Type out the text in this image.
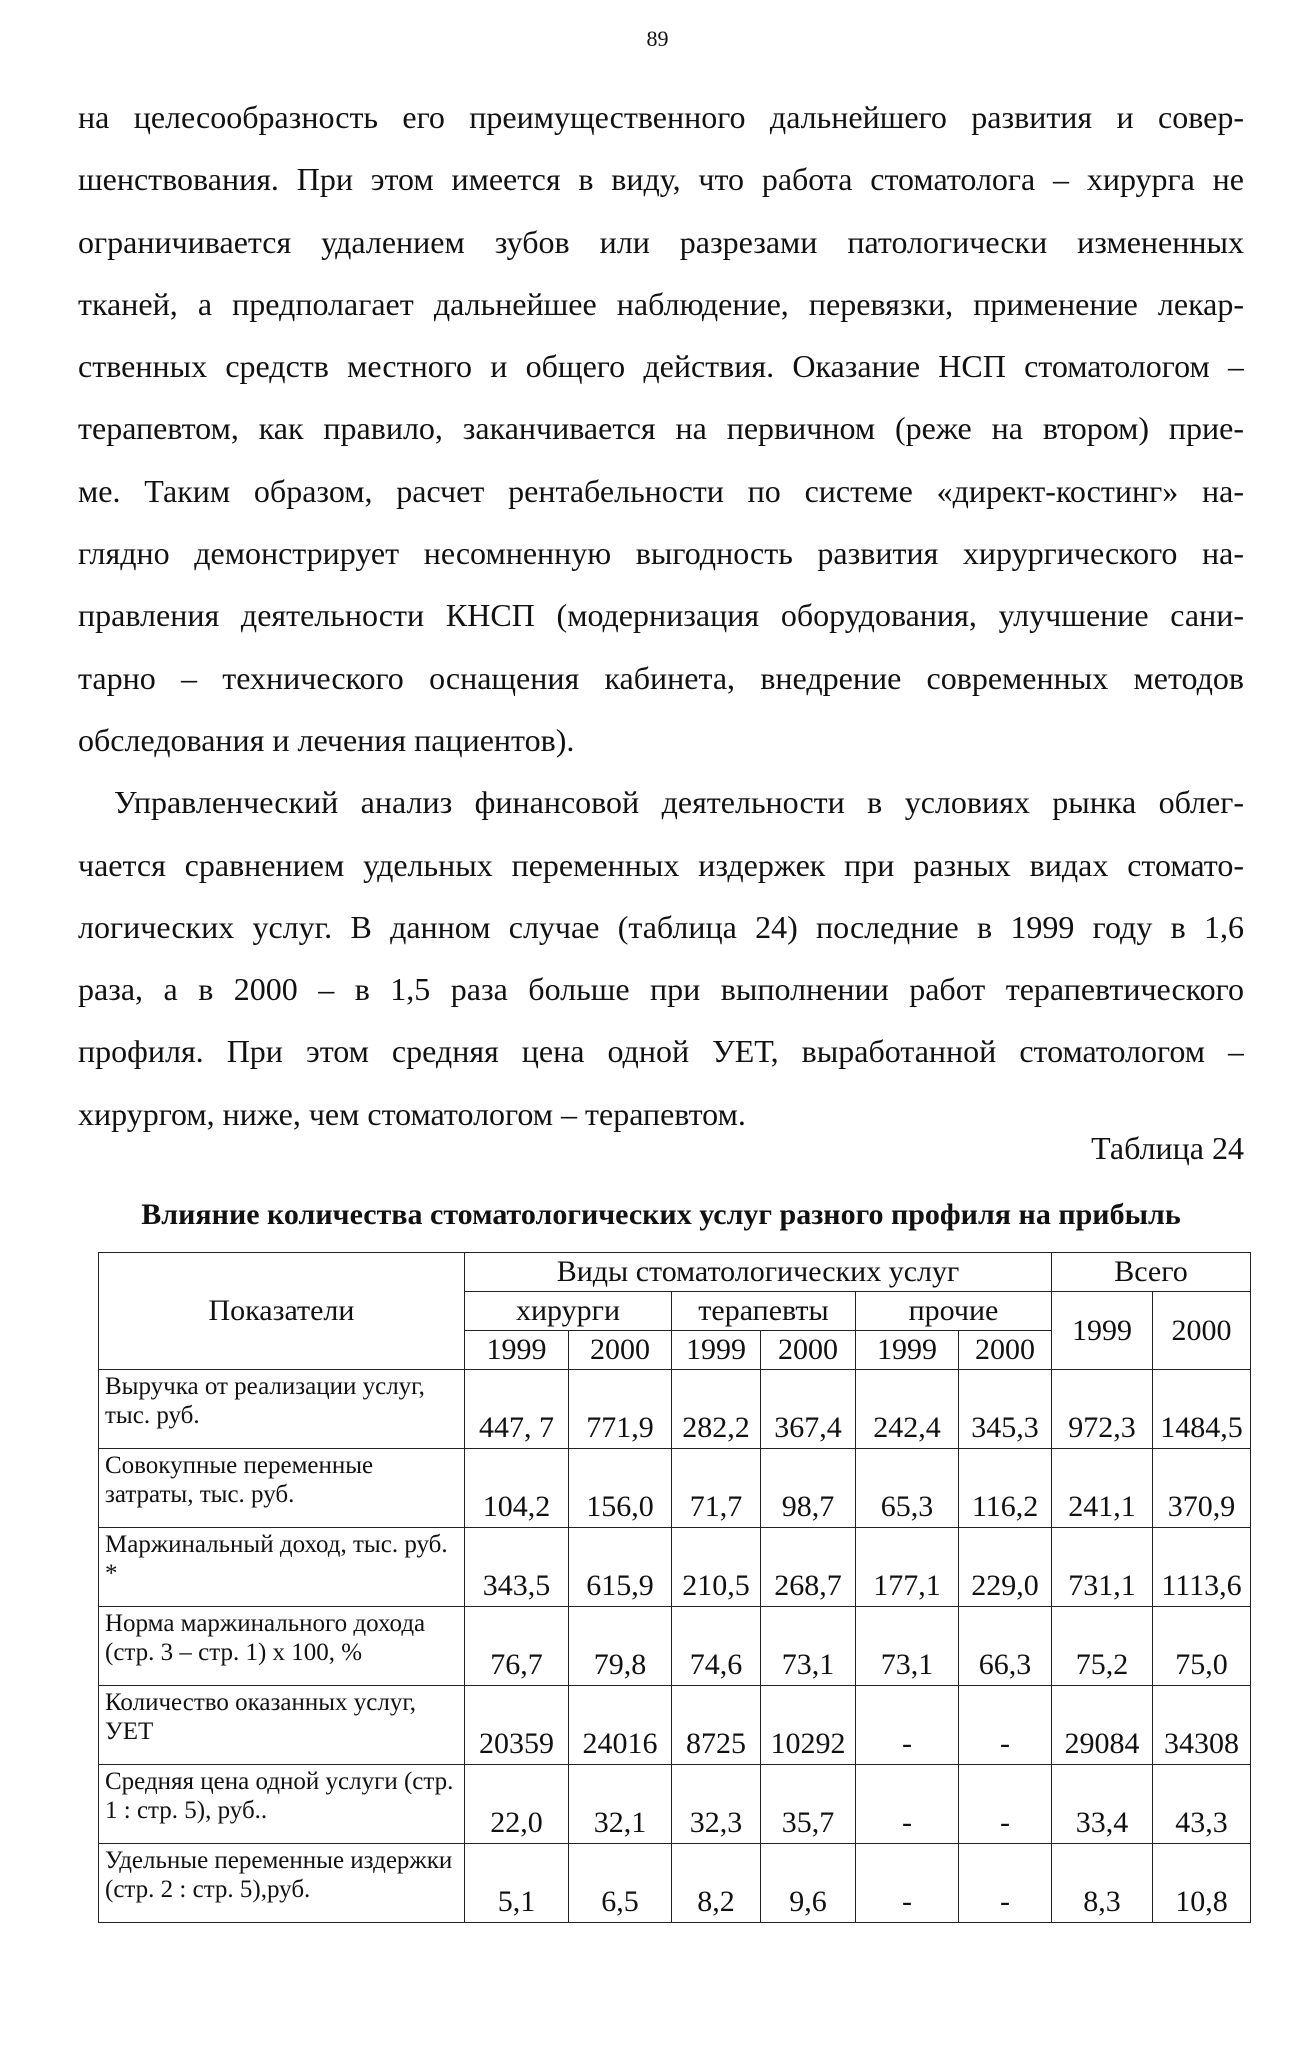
89
на целесообразность его преимущественного дальнейшего развития и совер-
шенствования. При этом имеется в виду, что работа стоматолога – хирурга не
ограничивается удалением зубов или разрезами патологически измененных
тканей, а предполагает дальнейшее наблюдение, перевязки, применение лекар-
ственных средств местного и общего действия. Оказание НСП стоматологом –
терапевтом, как правило, заканчивается на первичном (реже на втором) прие-
ме. Таким образом, расчет рентабельности по системе «директ-костинг» на-
глядно демонстрирует несомненную выгодность развития хирургического на-
правления деятельности КНСП (модернизация оборудования, улучшение сани-
тарно – технического оснащения кабинета, внедрение современных методов
обследования и лечения пациентов).
Управленческий анализ финансовой деятельности в условиях рынка облег-
чается сравнением удельных переменных издержек при разных видах стомато-
логических услуг. В данном случае (таблица 24) последние в 1999 году в 1,6
раза, а в 2000 – в 1,5 раза больше при выполнении работ терапевтического
профиля. При этом средняя цена одной УЕТ, выработанной стоматологом –
хирургом, ниже, чем стоматологом – терапевтом.
Таблица 24
Влияние количества стоматологических услуг разного профиля на прибыль
Показатели	Виды стоматологических услуг						Всего	
	хирурги		терапевты		прочие		1999	2000
	1999	2000	1999	2000	1999	2000		
Выручка от реализации услуг, тыс. руб.	447, 7	771,9	282,2	367,4	242,4	345,3	972,3	1484,5
Совокупные переменные затраты, тыс. руб.	104,2	156,0	71,7	98,7	65,3	116,2	241,1	370,9
Маржинальный доход, тыс. руб. *	343,5	615,9	210,5	268,7	177,1	229,0	731,1	1113,6
Норма маржинального дохода (стр. 3 – стр. 1) х 100, %	76,7	79,8	74,6	73,1	73,1	66,3	75,2	75,0
Количество оказанных услуг, УЕТ	20359	24016	8725	10292	-	-	29084	34308
Средняя цена одной услуги (стр. 1 : стр. 5), руб..	22,0	32,1	32,3	35,7	-	-	33,4	43,3
Удельные переменные издержки (стр. 2 : стр. 5),руб.	5,1	6,5	8,2	9,6	-	-	8,3	10,8
